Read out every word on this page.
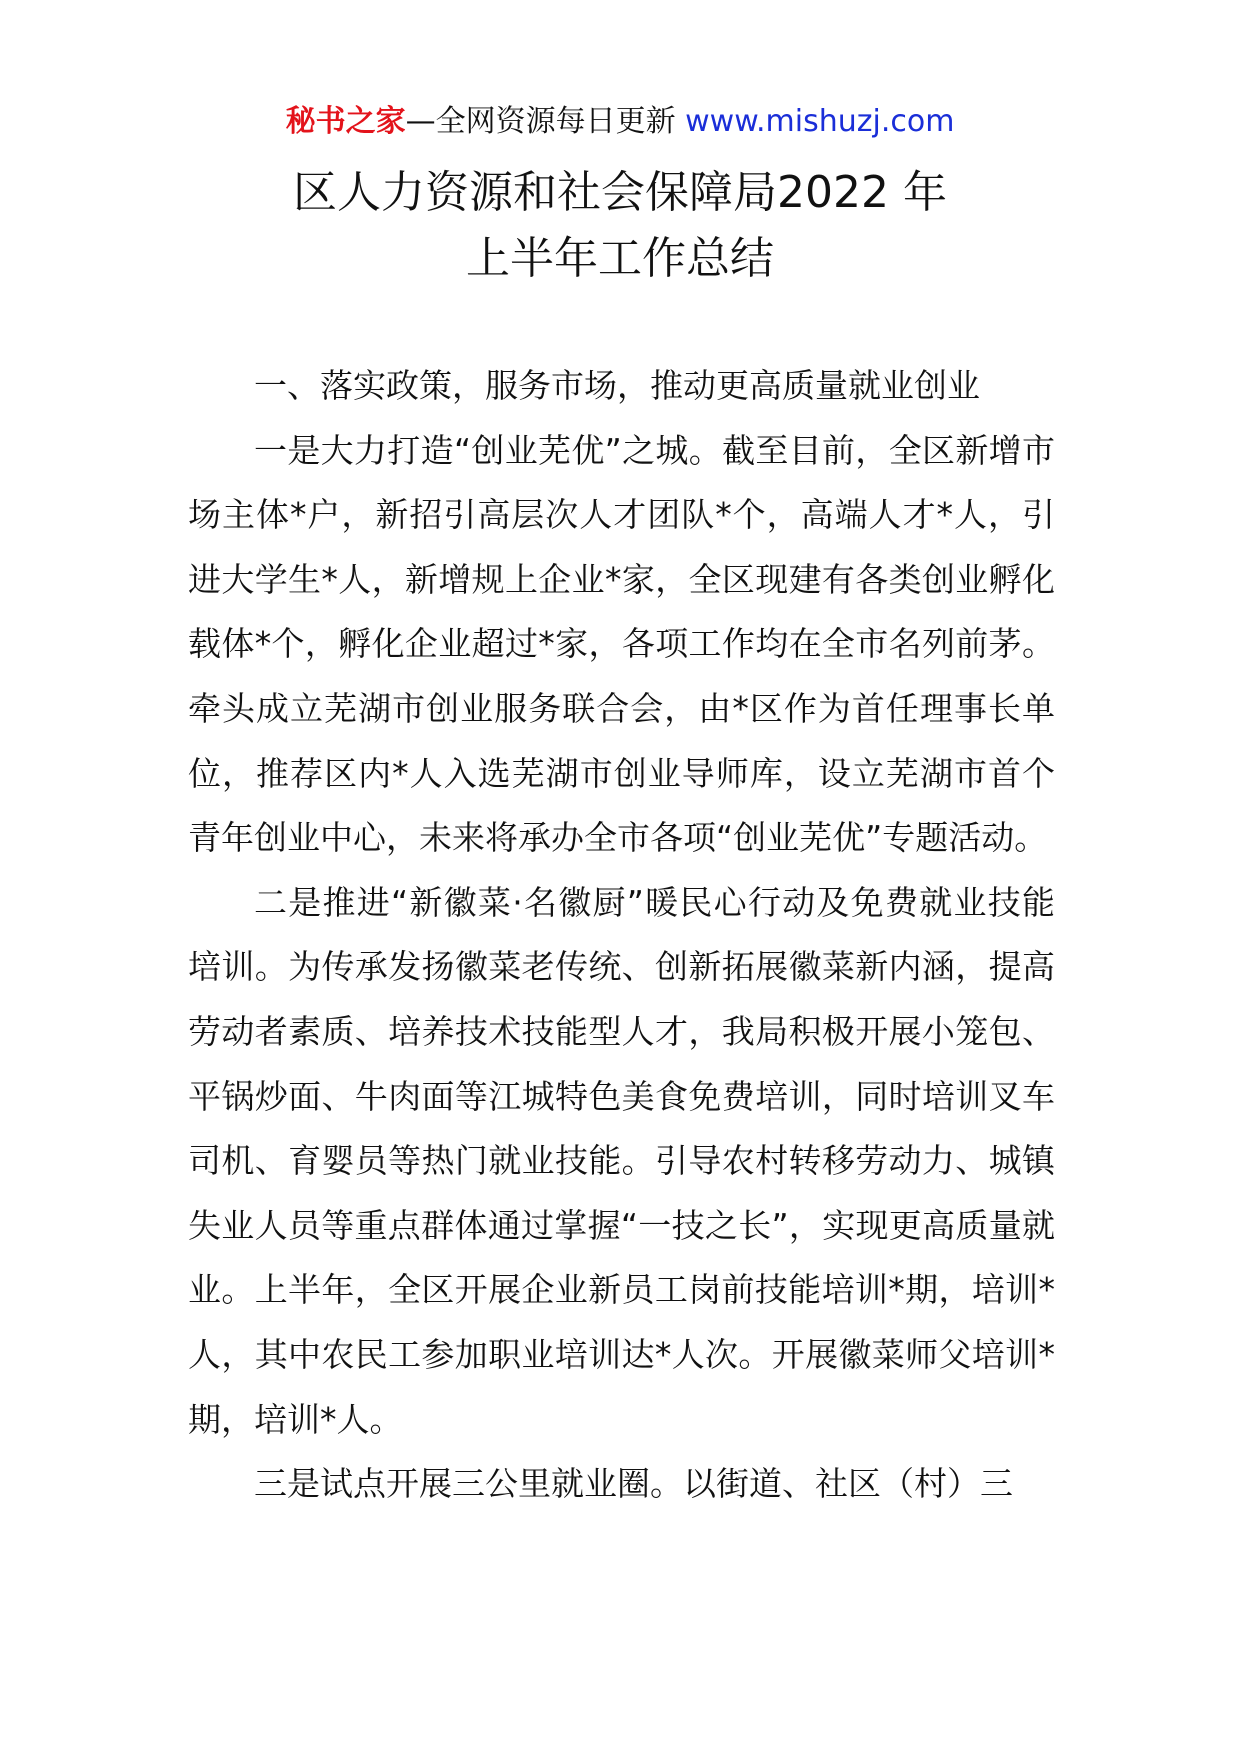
秘书之家—全网资源每日更新 www.mishuzj.com
区人力资源和社会保障局2022 年
上半年工作总结

一、落实政策，服务市场，推动更高质量就业创业

一是大力打造“创业芜优”之城。截至目前，全区新增市场主体*户，新招引高层次人才团队*个，高端人才*人，引进大学生*人，新增规上企业*家，全区现建有各类创业孵化载体*个，孵化企业超过*家，各项工作均在全市名列前茅。牵头成立芜湖市创业服务联合会，由*区作为首任理事长单位，推荐区内*人入选芜湖市创业导师库，设立芜湖市首个青年创业中心，未来将承办全市各项“创业芜优”专题活动。

二是推进“新徽菜·名徽厨”暖民心行动及免费就业技能培训。为传承发扬徽菜老传统、创新拓展徽菜新内涵，提高劳动者素质、培养技术技能型人才，我局积极开展小笼包、平锅炒面、牛肉面等江城特色美食免费培训，同时培训叉车司机、育婴员等热门就业技能。引导农村转移劳动力、城镇失业人员等重点群体通过掌握“一技之长”，实现更高质量就业。上半年，全区开展企业新员工岗前技能培训*期，培训*人，其中农民工参加职业培训达*人次。开展徽菜师父培训*期，培训*人。

三是试点开展三公里就业圈。以街道、社区（村）三
